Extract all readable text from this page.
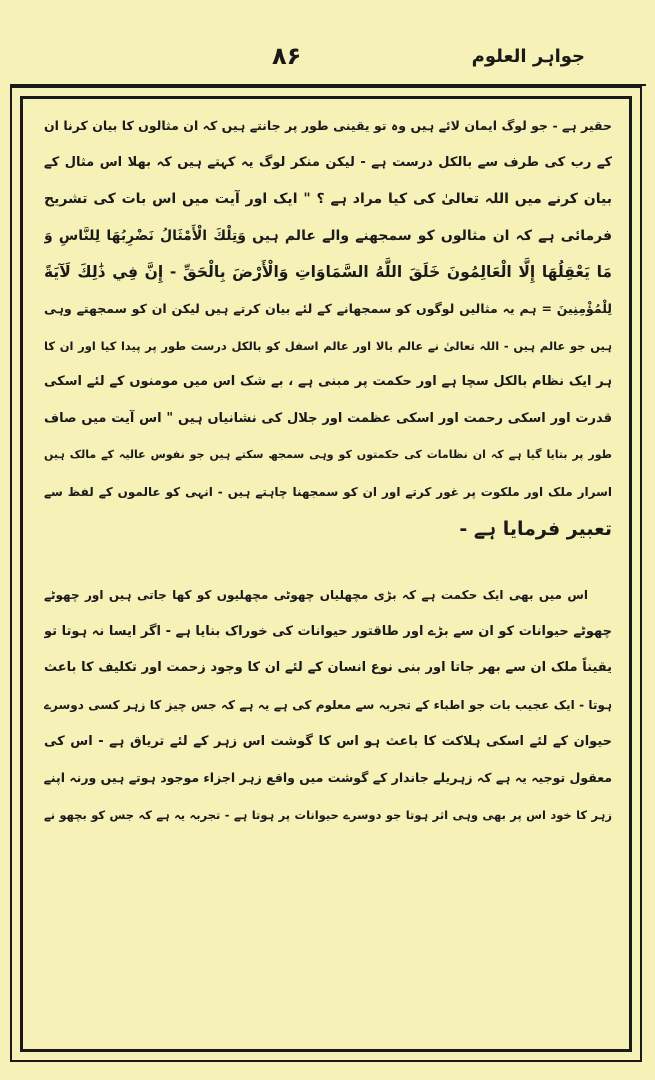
۸۶	جواہر العلوم
حقیر ہے - جو لوگ ایمان لائے ہیں وہ تو یقینی طور پر جانتے ہیں کہ ان مثالوں کا بیان کرنا ان
کے رب کی طرف سے بالکل درست ہے - لیکن منکر لوگ یہ کہتے ہیں کہ بھلا اس مثال کے
بیان کرنے میں اللہ تعالیٰ کی کیا مراد ہے ؟ " ایک اور آیت میں اس بات کی تشریح
فرمائی ہے کہ ان مثالوں کو سمجھنے والے عالم ہیں وَتِلْكَ الْأَمْثَالُ نَضْرِبُهَا لِلنَّاسِ وَ
مَا يَعْقِلُهَا إِلَّا الْعَالِمُونَ خَلَقَ اللَّهُ السَّمَاوَاتِ وَالْأَرْضَ بِالْحَقِّ - إِنَّ فِي ذَٰلِكَ لَآيَةً
لِلْمُؤْمِنِينَ = ہم یہ مثالیں لوگوں کو سمجھانے کے لئے بیان کرتے ہیں لیکن ان کو سمجھتے وہی
ہیں جو عالم ہیں - اللہ تعالیٰ نے عالم بالا اور عالم اسفل کو بالکل درست طور پر پیدا کیا اور ان کا
ہر ایک نظام بالکل سچا ہے اور حکمت پر مبنی ہے ، بے شک اس میں مومنوں کے لئے اسکی
قدرت اور اسکی رحمت اور اسکی عظمت اور جلال کی نشانیاں ہیں " اس آیت میں صاف
طور پر بتایا گیا ہے کہ ان نظامات کی حکمتوں کو وہی سمجھ سکتے ہیں جو نفوس عالیہ کے مالک ہیں
اسرار ملک اور ملکوت پر غور کرتے اور ان کو سمجھنا چاہتے ہیں - انہی کو عالموں کے لفظ سے
تعبیر فرمایا ہے -
اس میں بھی ایک حکمت ہے کہ بڑی مچھلیاں چھوٹی مچھلیوں کو کھا جاتی ہیں اور چھوٹے
چھوٹے حیوانات کو ان سے بڑے اور طاقتور حیوانات کی خوراک بنایا ہے - اگر ایسا نہ ہوتا تو
یقیناً ملک ان سے بھر جاتا اور بنی نوع انسان کے لئے ان کا وجود زحمت اور تکلیف کا باعث
ہوتا - ایک عجیب بات جو اطباء کے تجربہ سے معلوم کی ہے یہ ہے کہ جس چیز کا زہر کسی دوسرے
حیوان کے لئے اسکی ہلاکت کا باعث ہو اس کا گوشت اس زہر کے لئے تریاق ہے - اس کی
معقول توجیہ یہ ہے کہ زہریلے جاندار کے گوشت میں واقع زہر اجزاء موجود ہوتے ہیں ورنہ اپنے
زہر کا خود اس پر بھی وہی اثر ہوتا جو دوسرے حیوانات پر ہوتا ہے - تجربہ یہ ہے کہ جس کو بچھو نے
